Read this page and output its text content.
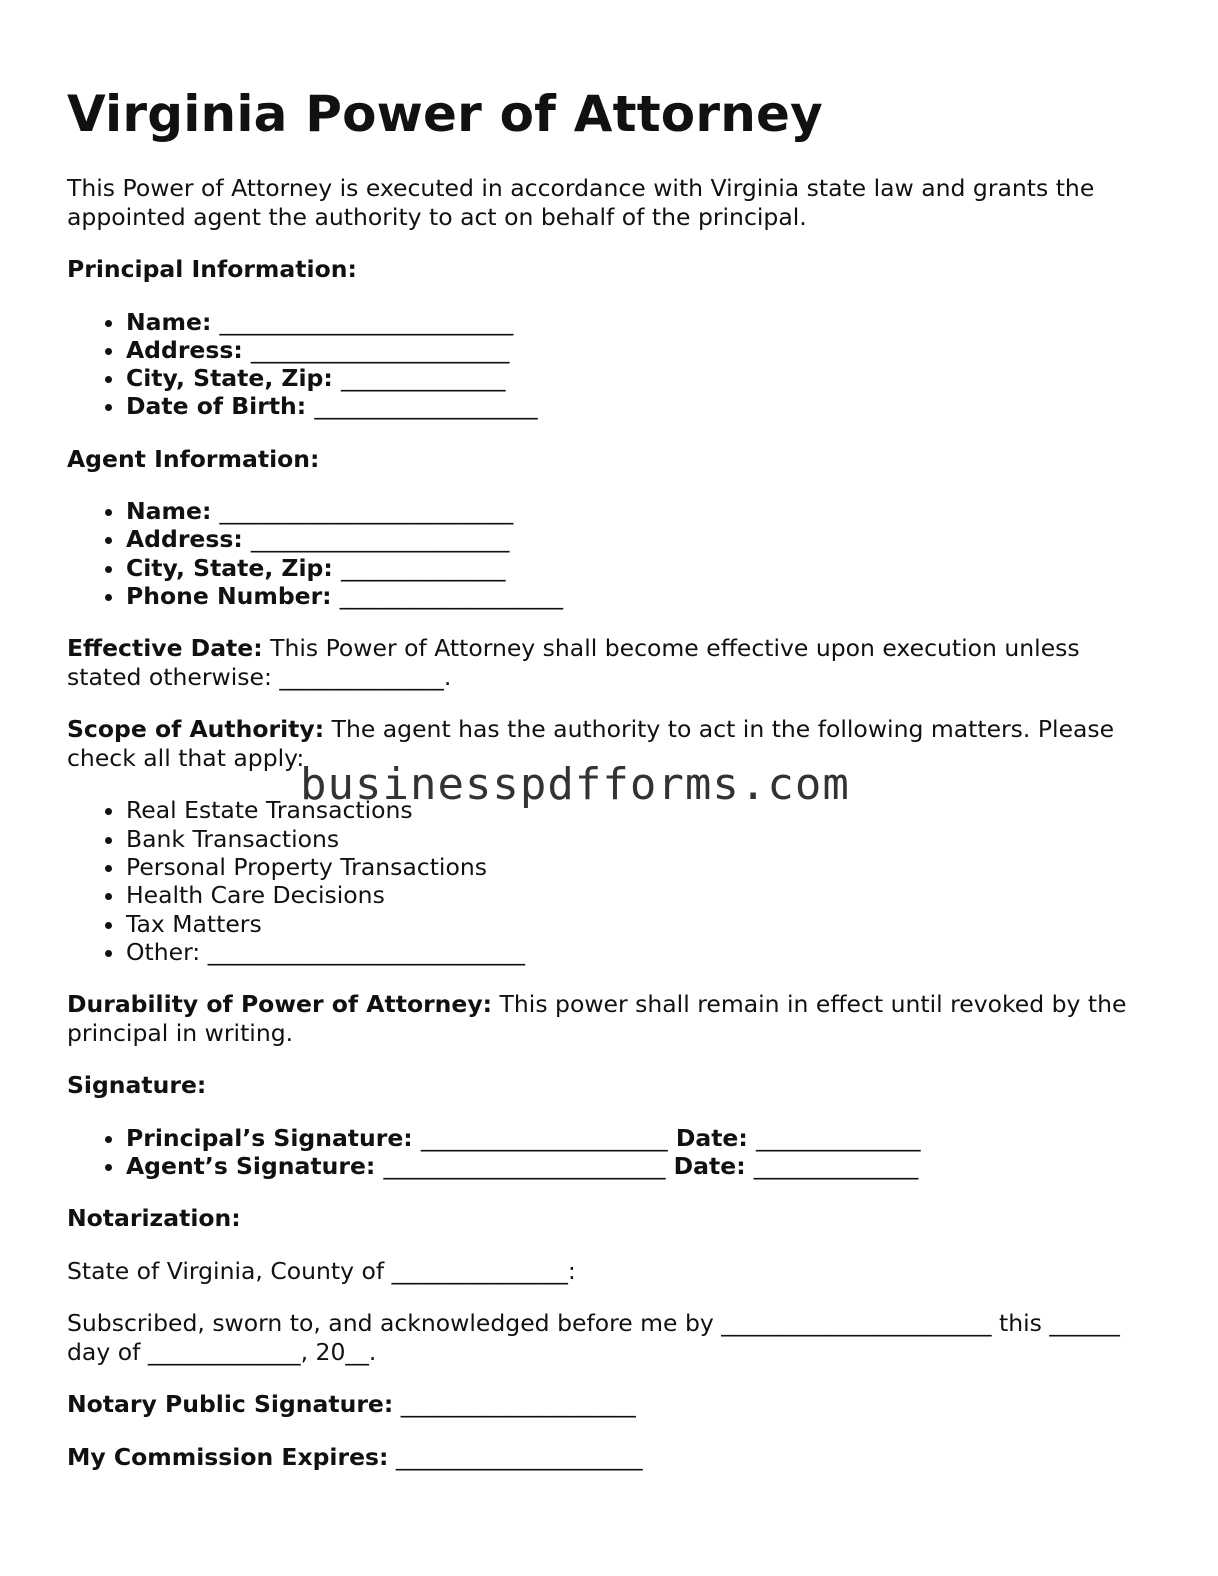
Virginia Power of Attorney

This Power of Attorney is executed in accordance with Virginia state law and grants the appointed agent the authority to act on behalf of the principal.

Principal Information:

• Name: _________________________
• Address: ______________________
• City, State, Zip: ______________
• Date of Birth: ___________________

Agent Information:

• Name: _________________________
• Address: ______________________
• City, State, Zip: ______________
• Phone Number: ___________________

Effective Date: This Power of Attorney shall become effective upon execution unless stated otherwise: ______________.

Scope of Authority: The agent has the authority to act in the following matters. Please check all that apply:

• Real Estate Transactions
• Bank Transactions
• Personal Property Transactions
• Health Care Decisions
• Tax Matters
• Other: ___________________________

Durability of Power of Attorney: This power shall remain in effect until revoked by the principal in writing.

Signature:

• Principal’s Signature: _____________________ Date: ______________
• Agent’s Signature: ________________________ Date: ______________

Notarization:

State of Virginia, County of _______________:

Subscribed, sworn to, and acknowledged before me by _______________________ this ______ day of _____________, 20__.

Notary Public Signature: ____________________

My Commission Expires: _____________________

businesspdfforms.com
